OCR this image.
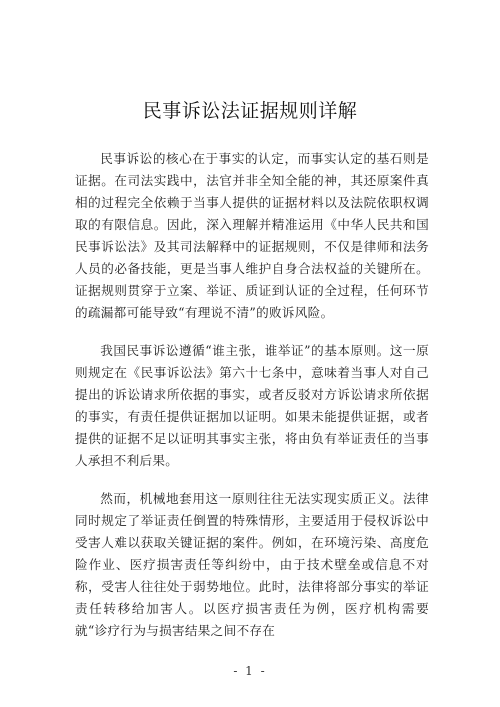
民事诉讼法证据规则详解

民事诉讼的核心在于事实的认定，而事实认定的基石则是证据。在司法实践中，法官并非全知全能的神，其还原案件真相的过程完全依赖于当事人提供的证据材料以及法院依职权调取的有限信息。因此，深入理解并精准运用《中华人民共和国民事诉讼法》及其司法解释中的证据规则，不仅是律师和法务人员的必备技能，更是当事人维护自身合法权益的关键所在。证据规则贯穿于立案、举证、质证到认证的全过程，任何环节的疏漏都可能导致“有理说不清”的败诉风险。

我国民事诉讼遵循“谁主张，谁举证”的基本原则。这一原则规定在《民事诉讼法》第六十七条中，意味着当事人对自己提出的诉讼请求所依据的事实，或者反驳对方诉讼请求所依据的事实，有责任提供证据加以证明。如果未能提供证据，或者提供的证据不足以证明其事实主张，将由负有举证责任的当事人承担不利后果。

然而，机械地套用这一原则往往无法实现实质正义。法律同时规定了举证责任倒置的特殊情形，主要适用于侵权诉讼中受害人难以获取关键证据的案件。例如，在环境污染、高度危险作业、医疗损害责任等纠纷中，由于技术壁垒或信息不对称，受害人往往处于弱势地位。此时，法律将部分事实的举证责任转移给加害人。以医疗损害责任为例，医疗机构需要就“诊疗行为与损害结果之间不存在

- 1 -
